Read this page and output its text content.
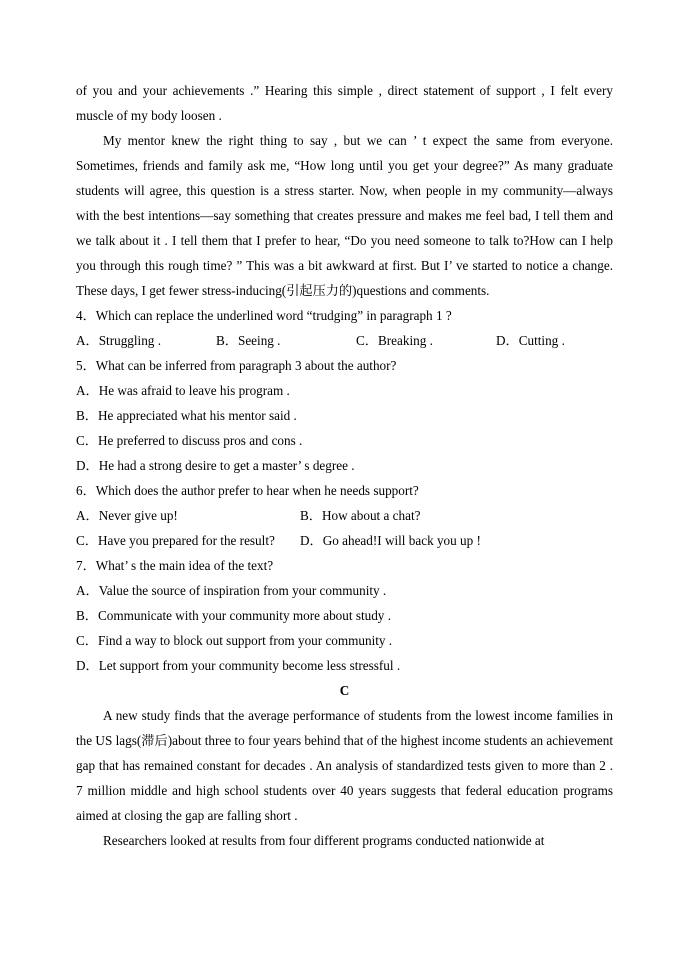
of you and your achievements .” Hearing this simple , direct statement of support , I felt every muscle of my body loosen .

My mentor knew the right thing to say , but we can ’ t expect the same from everyone. Sometimes, friends and family ask me, “How long until you get your degree?” As many graduate students will agree, this question is a stress starter. Now, when people in my community—always with the best intentions—say something that creates pressure and makes me feel bad, I tell them and we talk about it . I tell them that I prefer to hear, “Do you need someone to talk to?How can I help you through this rough time? ” This was a bit awkward at first. But I’ ve started to notice a change. These days, I get fewer stress-inducing(引起压力的)questions and comments.

4．Which can replace the underlined word “trudging” in paragraph 1 ?
A．Struggling .	B．Seeing .	C．Breaking .	D．Cutting .
5．What can be inferred from paragraph 3 about the author?
A．He was afraid to leave his program .
B．He appreciated what his mentor said .
C．He preferred to discuss pros and cons .
D．He had a strong desire to get a master’ s degree .
6．Which does the author prefer to hear when he needs support?
A．Never give up!	B．How about a chat?
C．Have you prepared for the result?	D．Go ahead!I will back you up !
7．What’ s the main idea of the text?
A．Value the source of inspiration from your community .
B．Communicate with your community more about study .
C．Find a way to block out support from your community .
D．Let support from your community become less stressful .
C

A new study finds that the average performance of students from the lowest income families in the US lags(滞后)about three to four years behind that of the highest income students an achievement gap that has remained constant for decades . An analysis of standardized tests given to more than 2 . 7 million middle and high school students over 40 years suggests that federal education programs aimed at closing the gap are falling short .

Researchers looked at results from four different programs conducted nationwide at
